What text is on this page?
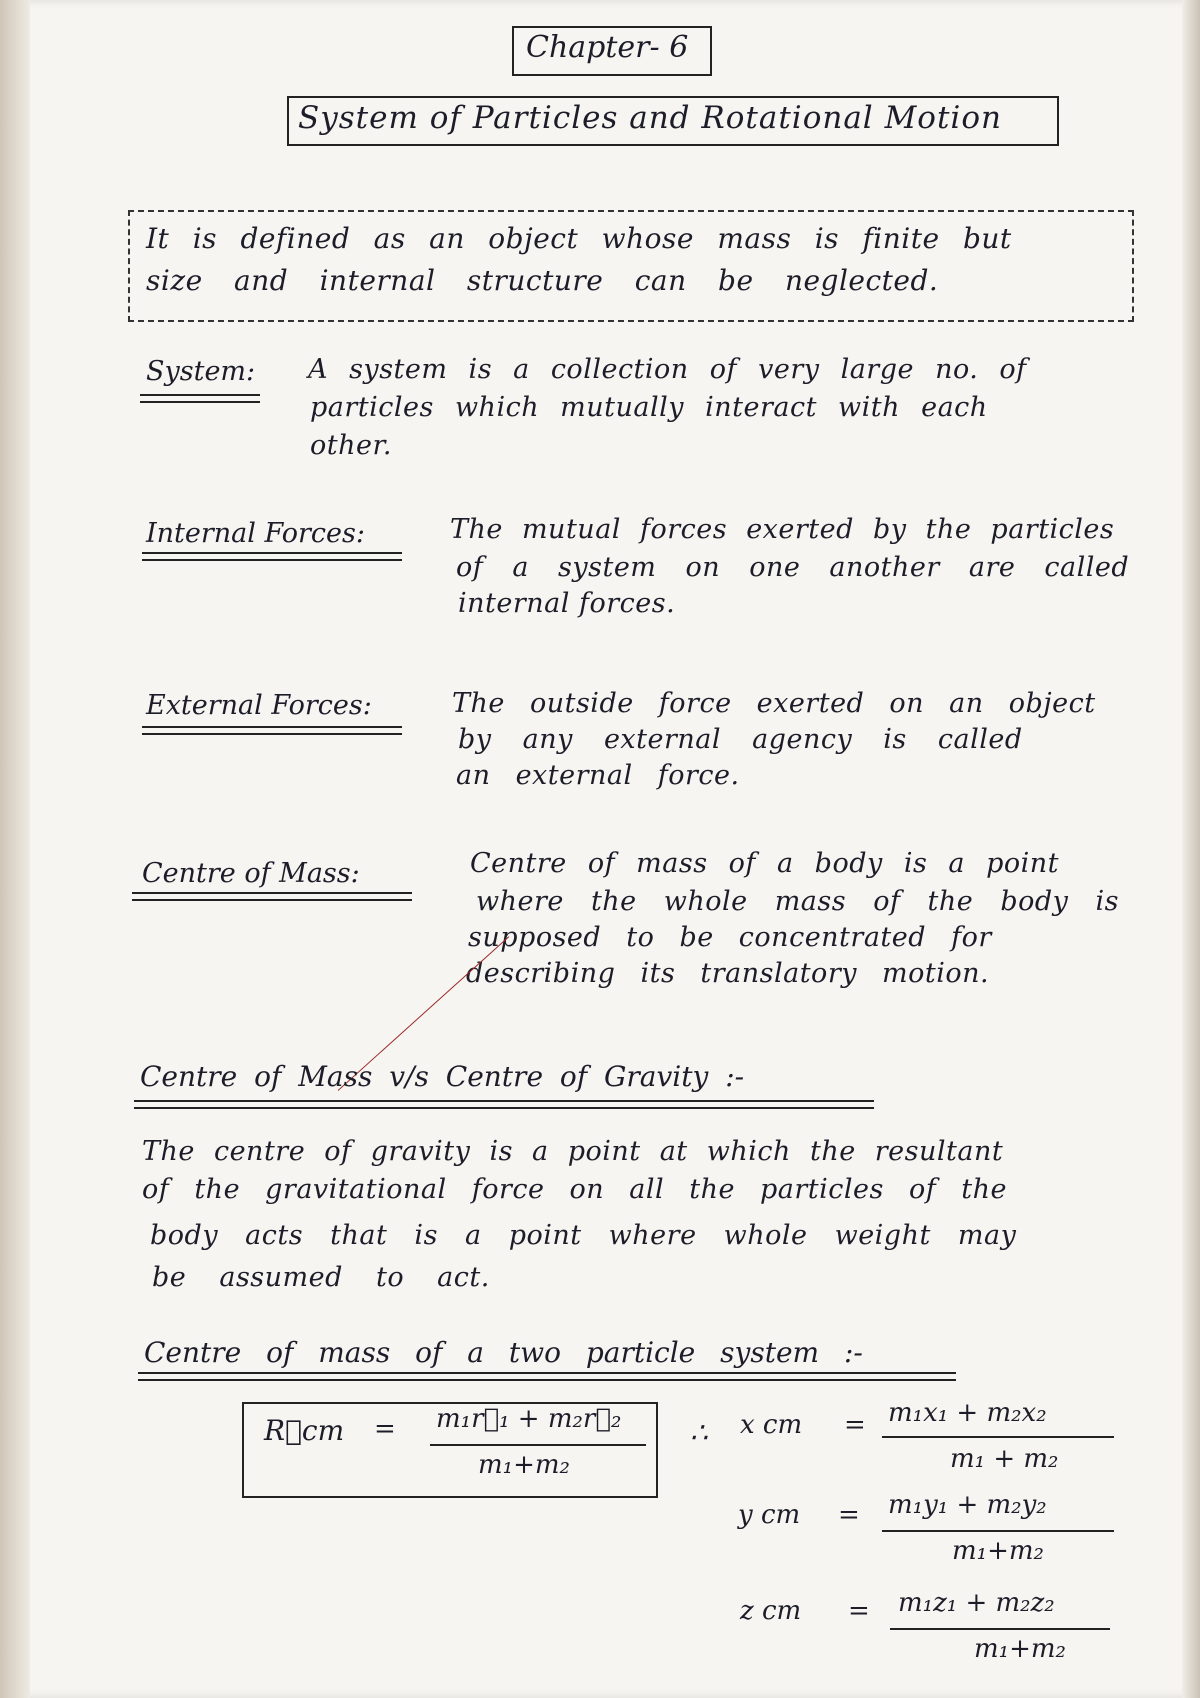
Chapter- 6
System of Particles and Rotational Motion
It is defined as an object whose mass is finite but
size and internal structure can be neglected.
System: A system is a collection of very large no. of
particles which mutually interact with each
other.
Internal Forces:	The mutual forces exerted by the particles
of a system on one another are called
internal forces.
External Forces:	The outside force exerted on an object
by any external agency is called
an external force.
Centre of Mass:	Centre of mass of a body is a point
where the whole mass of the body is
supposed to be concentrated for
describing its translatory motion.
Centre of Mass v/s Centre of Gravity :-
The centre of gravity is a point at which the resultant
of the gravitational force on all the particles of the
body acts that is a point where whole weight may
be assumed to act.
Centre of mass of a two particle system :-
R⃗cm = m₁r⃗₁ + m₂r⃗₂
m₁+m₂
∴ x cm = m₁x₁ + m₂x₂
m₁ + m₂
y cm = m₁y₁ + m₂y₂
m₁+m₂
z cm = m₁z₁ + m₂z₂
m₁+m₂
